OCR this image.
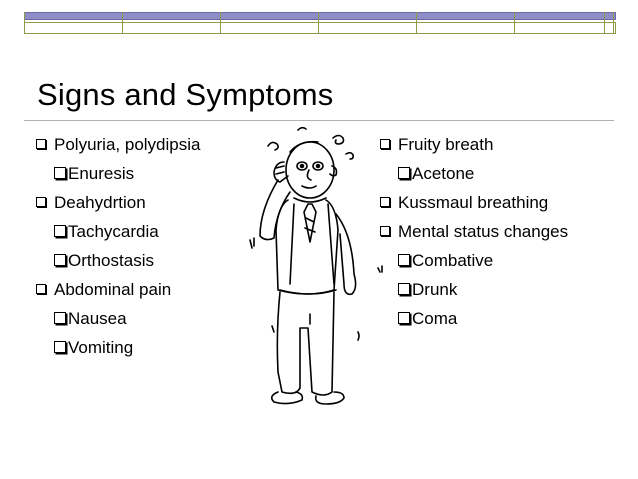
Signs and Symptoms
Polyuria, polydipsia
Enuresis
Deahydrtion
Tachycardia
Orthostasis
Abdominal pain
Nausea
Vomiting
Fruity breath
Acetone
Kussmaul breathing
Mental status changes
Combative
Drunk
Coma
